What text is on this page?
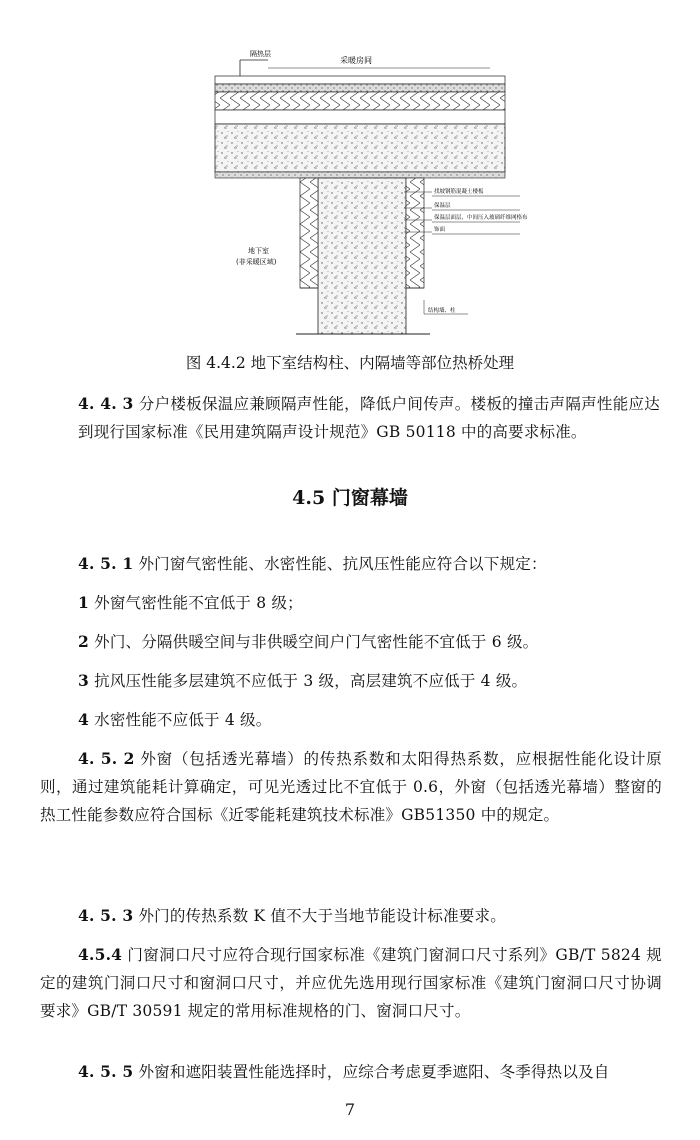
隔热层
采暖房间
找坡钢筋混凝土楼板
保温层
保温层面层，中间压入玻璃纤维网格布
饰面
地下室
(非采暖区域)
结构墙、柱
图 4.4.2 地下室结构柱、内隔墙等部位热桥处理
4. 4. 3 分户楼板保温应兼顾隔声性能，降低户间传声。楼板的撞击声隔声性能应达到现行国家标准《民用建筑隔声设计规范》GB 50118 中的高要求标准。
4.5 门窗幕墙
4. 5. 1 外门窗气密性能、水密性能、抗风压性能应符合以下规定：
1 外窗气密性能不宜低于 8 级；
2 外门、分隔供暖空间与非供暖空间户门气密性能不宜低于 6 级。
3 抗风压性能多层建筑不应低于 3 级，高层建筑不应低于 4 级。
4 水密性能不应低于 4 级。
4. 5. 2 外窗（包括透光幕墙）的传热系数和太阳得热系数，应根据性能化设计原则，通过建筑能耗计算确定，可见光透过比不宜低于 0.6，外窗（包括透光幕墙）整窗的热工性能参数应符合国标《近零能耗建筑技术标准》GB51350 中的规定。
4. 5. 3 外门的传热系数 K 值不大于当地节能设计标准要求。
4.5.4 门窗洞口尺寸应符合现行国家标准《建筑门窗洞口尺寸系列》GB/T 5824 规定的建筑门洞口尺寸和窗洞口尺寸，并应优先选用现行国家标准《建筑门窗洞口尺寸协调要求》GB/T 30591 规定的常用标准规格的门、窗洞口尺寸。
4. 5. 5 外窗和遮阳装置性能选择时，应综合考虑夏季遮阳、冬季得热以及自
7
